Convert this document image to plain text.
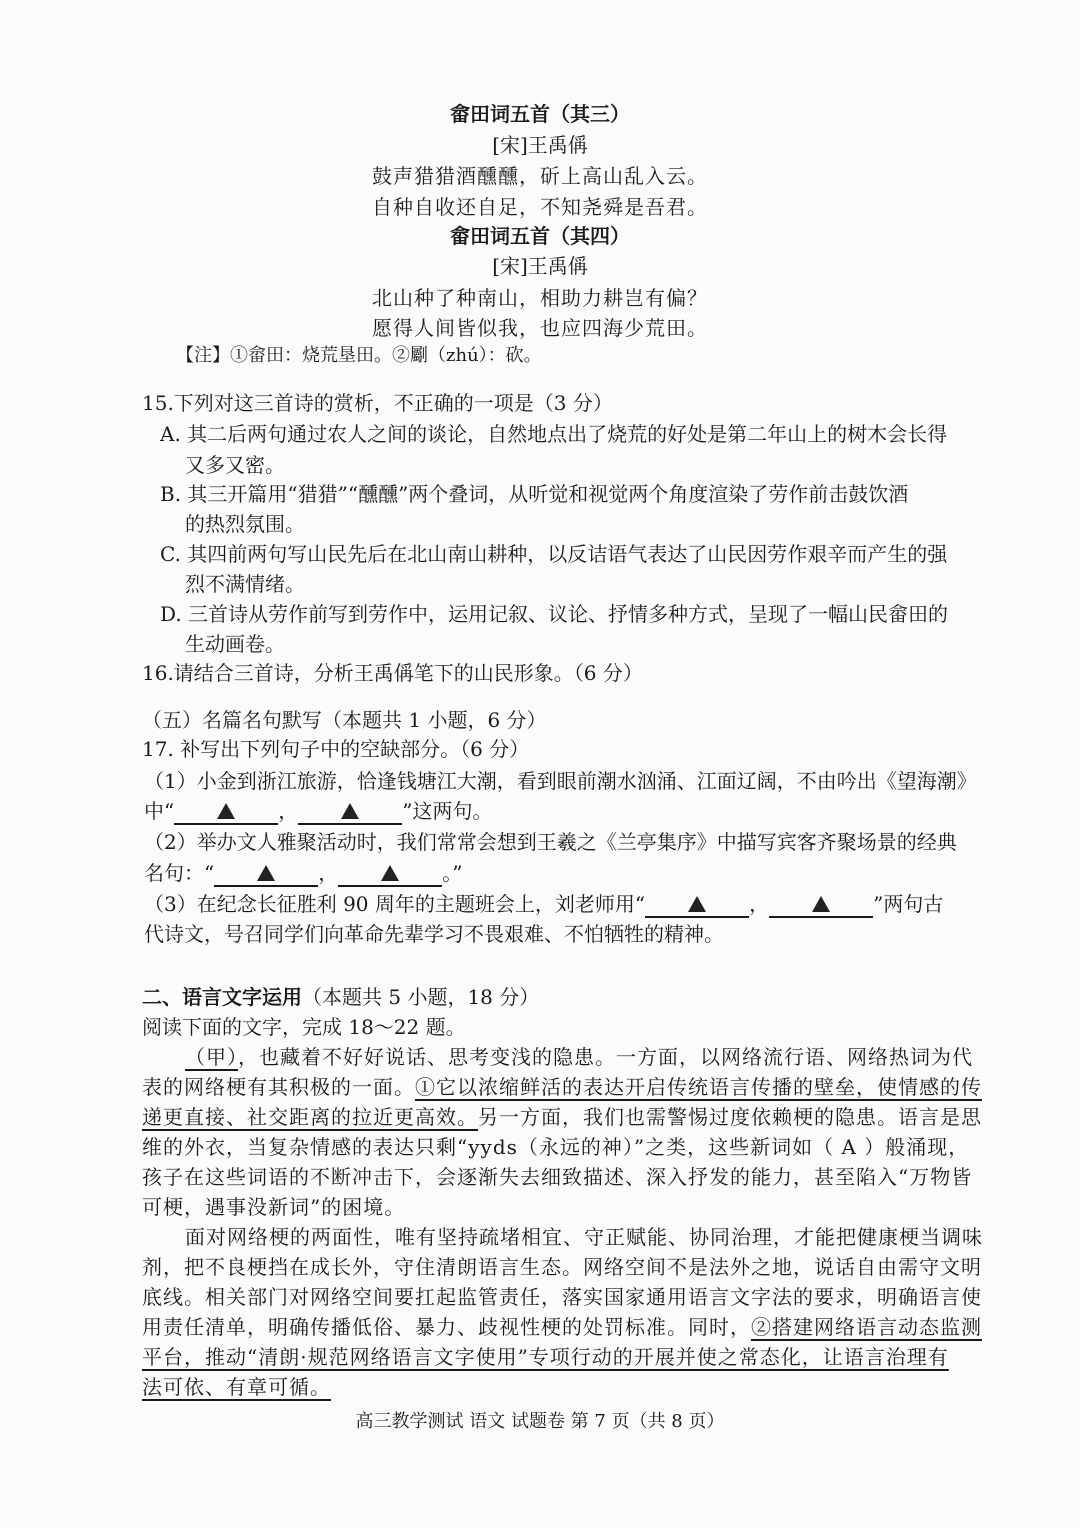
畲田词五首（其三）
[宋]王禹偁
鼓声猎猎酒醺醺，斫上高山乱入云。
自种自收还自足，不知尧舜是吾君。
畲田词五首（其四）
[宋]王禹偁
北山种了种南山，相助力耕岂有偏？
愿得人间皆似我，也应四海少荒田。
【注】①畲田：烧荒垦田。②劚（zhú）：砍。
15.下列对这三首诗的赏析，不正确的一项是（3 分）
A. 其二后两句通过农人之间的谈论，自然地点出了烧荒的好处是第二年山上的树木会长得
又多又密。
B. 其三开篇用“猎猎”“醺醺”两个叠词，从听觉和视觉两个角度渲染了劳作前击鼓饮酒
的热烈氛围。
C. 其四前两句写山民先后在北山南山耕种，以反诘语气表达了山民因劳作艰辛而产生的强
烈不满情绪。
D. 三首诗从劳作前写到劳作中，运用记叙、议论、抒情多种方式，呈现了一幅山民畲田的
生动画卷。
16.请结合三首诗，分析王禹偁笔下的山民形象。（6 分）
（五）名篇名句默写（本题共 1 小题，6 分）
17. 补写出下列句子中的空缺部分。（6 分）
（1）小金到浙江旅游，恰逢钱塘江大潮，看到眼前潮水汹涌、江面辽阔，不由吟出《望海潮》
中“	，	”这两句。
（2）举办文人雅聚活动时，我们常常会想到王羲之《兰亭集序》中描写宾客齐聚场景的经典
名句：“	，	。”
（3）在纪念长征胜利 90 周年的主题班会上，刘老师用“	，	”两句古
代诗文，号召同学们向革命先辈学习不畏艰难、不怕牺牲的精神。
二、语言文字运用（本题共 5 小题，18 分）
阅读下面的文字，完成 18～22 题。
（甲），也藏着不好好说话、思考变浅的隐患。一方面，以网络流行语、网络热词为代
表的网络梗有其积极的一面。①它以浓缩鲜活的表达开启传统语言传播的壁垒，使情感的传
递更直接、社交距离的拉近更高效。另一方面，我们也需警惕过度依赖梗的隐患。语言是思
维的外衣，当复杂情感的表达只剩“yyds（永远的神）”之类，这些新词如（ A ）般涌现，
孩子在这些词语的不断冲击下，会逐渐失去细致描述、深入抒发的能力，甚至陷入“万物皆
可梗，遇事没新词”的困境。
面对网络梗的两面性，唯有坚持疏堵相宜、守正赋能、协同治理，才能把健康梗当调味
剂，把不良梗挡在成长外，守住清朗语言生态。网络空间不是法外之地，说话自由需守文明
底线。相关部门对网络空间要扛起监管责任，落实国家通用语言文字法的要求，明确语言使
用责任清单，明确传播低俗、暴力、歧视性梗的处罚标准。同时，②搭建网络语言动态监测
平台，推动“清朗·规范网络语言文字使用”专项行动的开展并使之常态化，让语言治理有
法可依、有章可循。
高三教学测试 语文 试题卷 第 7 页（共 8 页）
